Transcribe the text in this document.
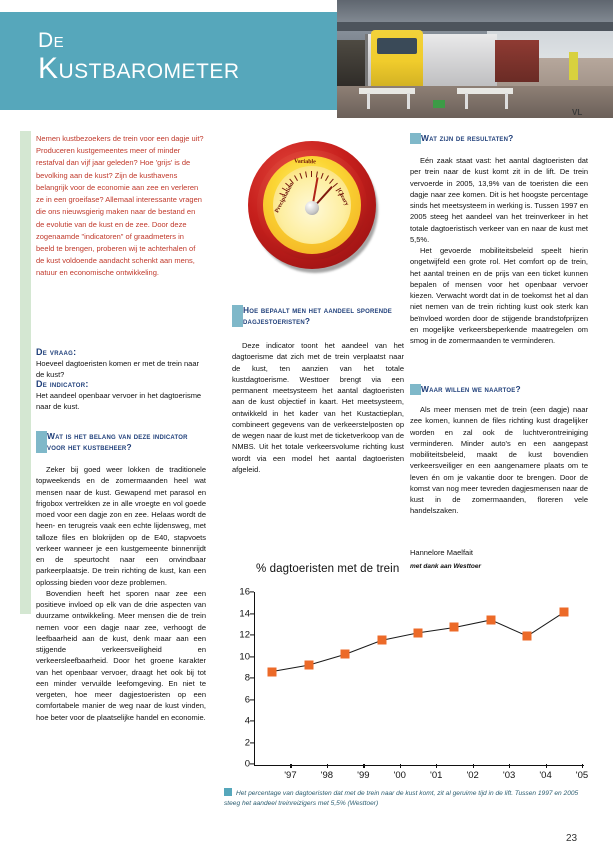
De
Kustbarometer
VL
Nemen kustbezoekers de trein voor een dagje uit? Produceren kustgemeentes meer of minder restafval dan vijf jaar geleden? Hoe 'grijs' is de bevolking aan de kust? Zijn de kusthavens belangrijk voor de economie aan zee en verleren ze in een groeifase? Allemaal interessante vragen die ons nieuwsgierig maken naar de bestand en de evolutie van de kust en de zee. Door deze zogenaamde "indicatoren" of graadmeters in beeld te brengen, proberen wij te achterhalen of de kust voldoende aandacht schenkt aan mens, natuur en economische ontwikkeling.
De vraag:
Hoeveel dagtoeristen komen er met de trein naar de kust?
De indicator:
Het aandeel openbaar vervoer in het dagtoerisme naar de kust.
Wat is het belang van deze indicator voor het kustbeheer?

Zeker bij goed weer lokken de traditionele topweekends en de zomermaanden heel wat mensen naar de kust. Gewapend met parasol en frigobox vertrekken ze in alle vroegte en vol goede moed voor een dagje zon en zee. Helaas wordt de heen- en terugreis vaak een echte lijdensweg, met talloze files en blokrijden op de E40, stapvoets verkeer wanneer je een kustgemeente binnenrijdt en de speurtocht naar een onvindbaar parkeerplaatsje. De trein richting de kust, kan een oplossing bieden voor deze problemen.

Bovendien heeft het sporen naar zee een positieve invloed op elk van de drie aspecten van duurzame ontwikkeling. Meer mensen die de trein nemen voor een dagje naar zee, verhoogt de leefbaarheid aan de kust, denk maar aan een stijgende verkeersveiligheid en verkeersleefbaarheid. Door het groene karakter van het openbaar vervoer, draagt het ook bij tot een minder vervuilde leefomgeving. En niet te vergeten, hoe meer dagjestoeristen op een comfortabele manier de weg naar de kust vinden, hoe beter voor de plaatselijke handel en economie.

Precipitation
Variable
Cleary
Hoe bepaalt men het aandeel sporende dagjestoeristen?

Deze indicator toont het aandeel van het dagtoerisme dat zich met de trein verplaatst naar de kust, ten aanzien van het totale kustdagtoerisme. Westtoer brengt via een permanent meetsysteem het aantal dagtoeristen aan de kust objectief in kaart. Het meetsysteem, ontwikkeld in het kader van het Kustactieplan, combineert gegevens van de verkeerstelposten op de wegen naar de kust met de ticketverkoop van de NMBS. Uit het totale verkeersvolume richting kust wordt via een model het aantal dagtoeristen afgeleid.

Wat zijn de resultaten?

Eén zaak staat vast: het aantal dagtoeristen dat per trein naar de kust komt zit in de lift. De trein vervoerde in 2005, 13,9% van de toeristen die een dagje naar zee komen. Dit is het hoogste percentage sinds het meetsysteem in werking is. Tussen 1997 en 2005 steeg het aandeel van het treinverkeer in het totale dagtoeristisch verkeer van en naar de kust met 5,5%.

Het gevoerde mobiliteitsbeleid speelt hierin ongetwijfeld een grote rol. Het comfort op de trein, het aantal treinen en de prijs van een ticket kunnen bepalen of mensen voor het openbaar vervoer kiezen. Verwacht wordt dat in de toekomst het al dan niet nemen van de trein richting kust ook sterk kan beïnvloed worden door de stijgende brandstofprijzen en mogelijke verkeersbeperkende maatregelen om smog in de zomermaanden te verminderen.

Waar willen we naartoe?

Als meer mensen met de trein (een dagje) naar zee komen, kunnen de files richting kust dragelijker worden en zal ook de luchtverontreiniging verminderen. Minder auto's en een aangepast mobiliteitsbeleid, maakt de kust bovendien verkeersveiliger en een aangenamere plaats om te leven én om je vakantie door te brengen. Door de komst van nog meer tevreden dagjesmensen naar de kust in de zomermaanden, floreren vele handelszaken.

Hannelore Maelfait
met dank aan Westtoer
% dagtoeristen met de trein
0
2
4
6
8
10
12
14
16
'97	'98	'99	'00	'01	'02	'03	'04	'05
Het percentage van dagtoeristen dat met de trein naar de kust komt, zit al geruime tijd in de lift. Tussen 1997 en 2005 steeg het aandeel treinreizigers met 5,5% (Westtoer)
23
